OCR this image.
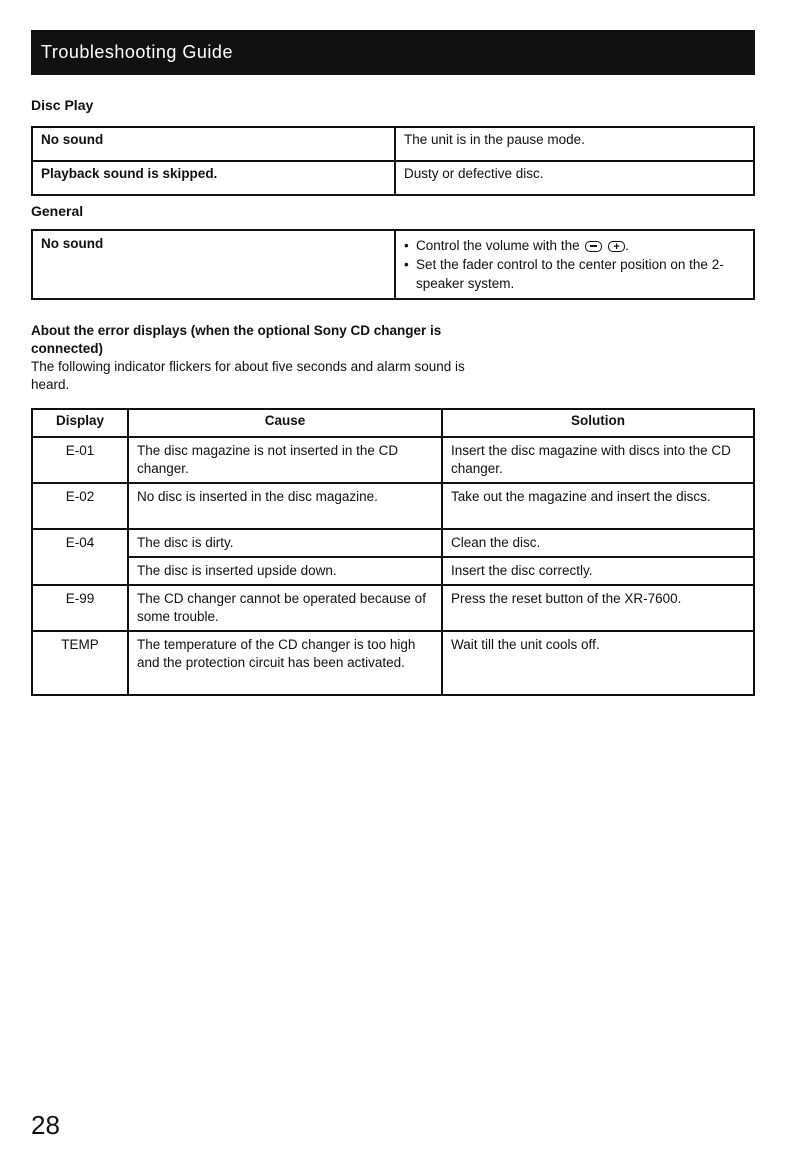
Troubleshooting Guide
Disc Play
No sound	The unit is in the pause mode.
Playback sound is skipped.	Dusty or defective disc.
General
No sound	
•Control the volume with the +	.
• Set the fader control to the center position on the 2-speaker system.
About the error displays (when the optional Sony CD changer is connected)
The following indicator flickers for about five seconds and alarm sound is heard.
Display	Cause	Solution
E-01	The disc magazine is not inserted in the CD changer.	Insert the disc magazine with discs into the CD changer.
E-02	No disc is inserted in the disc magazine.	Take out the magazine and insert the discs.
E-04	The disc is dirty.	Clean the disc.
	The disc is inserted upside down.	Insert the disc correctly.
E-99	The CD changer cannot be operated because of some trouble.	Press the reset button of the XR-7600.
TEMP	The temperature of the CD changer is too high and the protection circuit has been activated.	Wait till the unit cools off.
28
